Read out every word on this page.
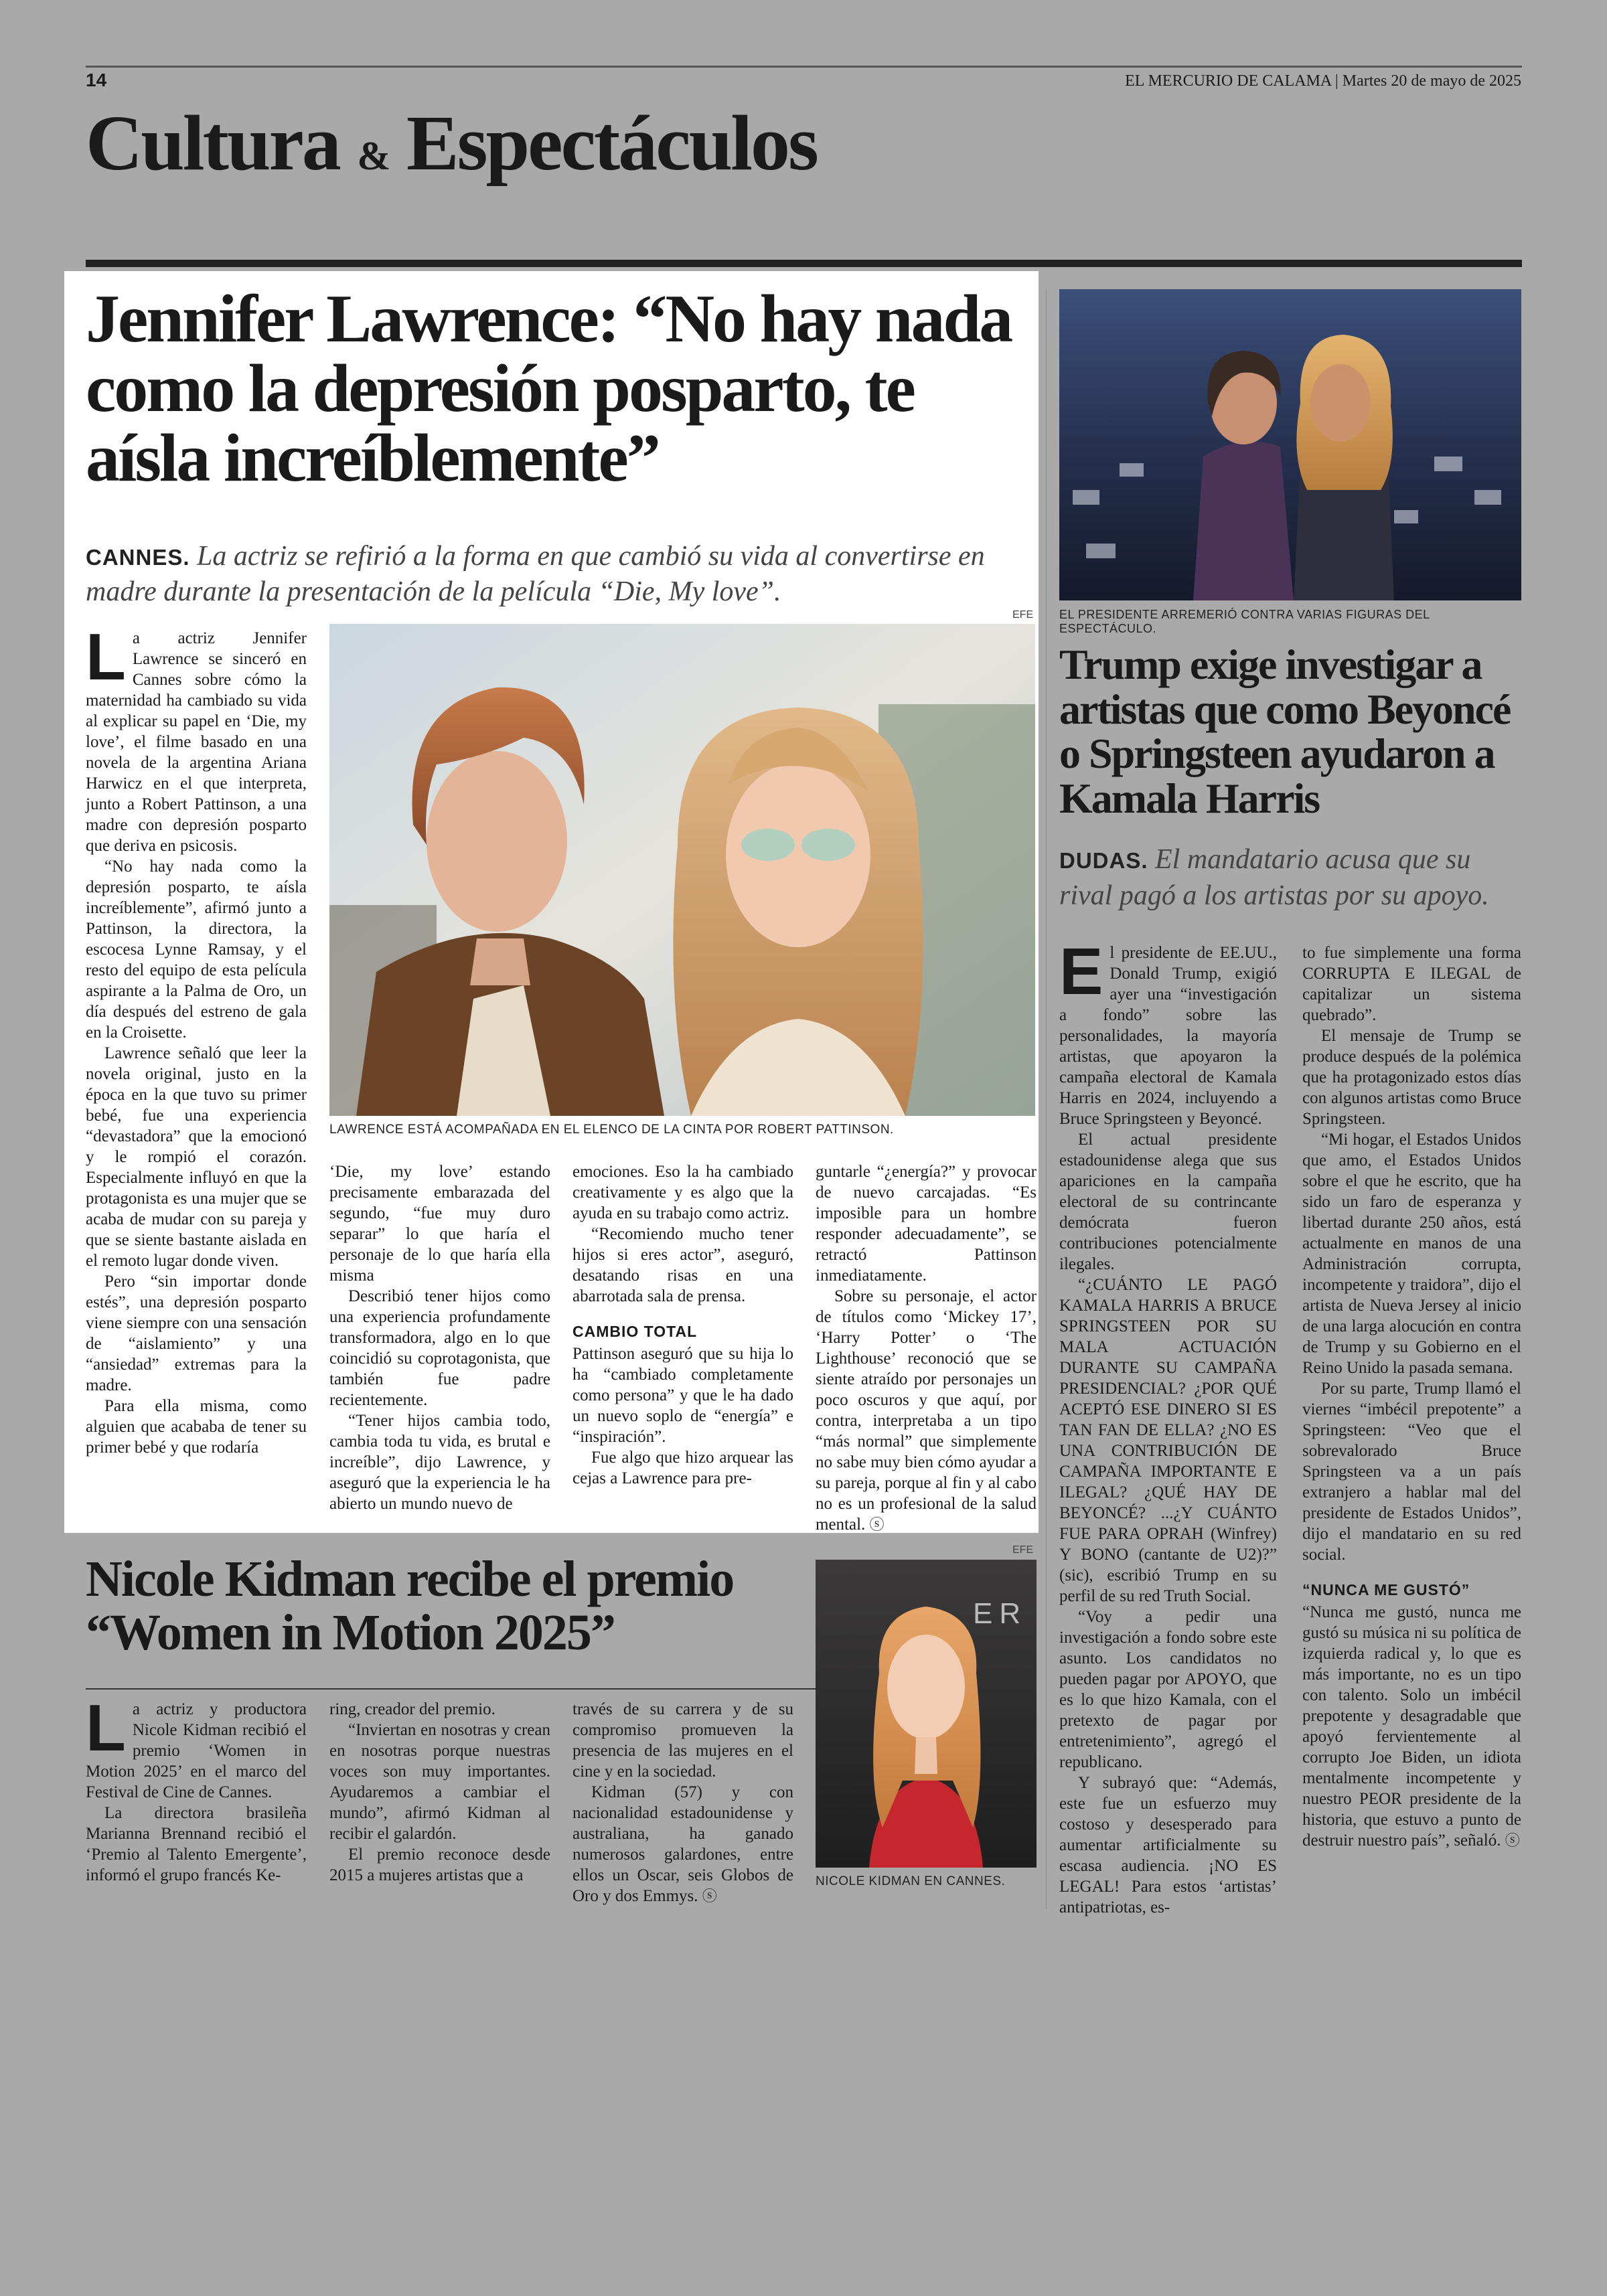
14	EL MERCURIO DE CALAMA | Martes 20 de mayo de 2025
Cultura & Espectáculos
Jennifer Lawrence: “No hay nada como la depresión posparto, te aísla increíblemente”
CANNES. La actriz se refirió a la forma en que cambió su vida al convertirse en madre durante la presentación de la película “Die, My love”.
EFE
LAWRENCE ESTÁ ACOMPAÑADA EN EL ELENCO DE LA CINTA POR ROBERT PATTINSON.

La actriz Jennifer Lawrence se sinceró en Cannes sobre cómo la maternidad ha cambiado su vida al explicar su papel en ‘Die, my love’, el filme basado en una novela de la argentina Ariana Harwicz en el que interpreta, junto a Robert Pattinson, a una madre con depresión posparto que deriva en psicosis.

“No hay nada como la depresión posparto, te aísla increíblemente”, afirmó junto a Pattinson, la directora, la escocesa Lynne Ramsay, y el resto del equipo de esta película aspirante a la Palma de Oro, un día después del estreno de gala en la Croisette.

Lawrence señaló que leer la novela original, justo en la época en la que tuvo su primer bebé, fue una experiencia “devastadora” que la emocionó y le rompió el corazón. Especialmente influyó en que la protagonista es una mujer que se acaba de mudar con su pareja y que se siente bastante aislada en el remoto lugar donde viven.

Pero “sin importar donde estés”, una depresión posparto viene siempre con una sensación de “aislamiento” y una “ansiedad” extremas para la madre.

Para ella misma, como alguien que acababa de tener su primer bebé y que rodaría

‘Die, my love’ estando precisamente embarazada del segundo, “fue muy duro separar” lo que haría el personaje de lo que haría ella misma

Describió tener hijos como una experiencia profundamente transformadora, algo en lo que coincidió su coprotagonista, que también fue padre recientemente.

“Tener hijos cambia todo, cambia toda tu vida, es brutal e increíble”, dijo Lawrence, y aseguró que la experiencia le ha abierto un mundo nuevo de

emociones. Eso la ha cambiado creativamente y es algo que la ayuda en su trabajo como actriz.

“Recomiendo mucho tener hijos si eres actor”, aseguró, desatando risas en una abarrotada sala de prensa.

CAMBIO TOTAL

Pattinson aseguró que su hija lo ha “cambiado completamente como persona” y que le ha dado un nuevo soplo de “energía” e “inspiración”.

Fue algo que hizo arquear las cejas a Lawrence para pre-

guntarle “¿energía?” y provocar de nuevo carcajadas. “Es imposible para un hombre responder adecuadamente”, se retractó Pattinson inmediatamente.

Sobre su personaje, el actor de títulos como ‘Mickey 17’, ‘Harry Potter’ o ‘The Lighthouse’ reconoció que se siente atraído por personajes un poco oscuros y que aquí, por contra, interpretaba a un tipo “más normal” que simplemente no sabe muy bien cómo ayudar a su pareja, porque al fin y al cabo no es un profesional de la salud mental. ⓢ

Nicole Kidman recibe el premio “Women in Motion 2025”
EFE
ER
NICOLE KIDMAN EN CANNES.

La actriz y productora Nicole Kidman recibió el premio ‘Women in Motion 2025’ en el marco del Festival de Cine de Cannes.

La directora brasileña Marianna Brennand recibió el ‘Premio al Talento Emergente’, informó el grupo francés Ke-

ring, creador del premio.

“Inviertan en nosotras y crean en nosotras porque nuestras voces son muy importantes. Ayudaremos a cambiar el mundo”, afirmó Kidman al recibir el galardón.

El premio reconoce desde 2015 a mujeres artistas que a

través de su carrera y de su compromiso promueven la presencia de las mujeres en el cine y en la sociedad.

Kidman (57) y con nacionalidad estadounidense y australiana, ha ganado numerosos galardones, entre ellos un Oscar, seis Globos de Oro y dos Emmys. ⓢ

EL PRESIDENTE ARREMERIÓ CONTRA VARIAS FIGURAS DEL ESPECTÁCULO.
Trump exige investigar a artistas que como Beyoncé o Springsteen ayudaron a Kamala Harris
DUDAS. El mandatario acusa que su rival pagó a los artistas por su apoyo.

El presidente de EE.UU., Donald Trump, exigió ayer una “investigación a fondo” sobre las personalidades, la mayoría artistas, que apoyaron la campaña electoral de Kamala Harris en 2024, incluyendo a Bruce Springsteen y Beyoncé.

El actual presidente estadounidense alega que sus apariciones en la campaña electoral de su contrincante demócrata fueron contribuciones potencialmente ilegales.

“¿CUÁNTO LE PAGÓ KAMALA HARRIS A BRUCE SPRINGSTEEN POR SU MALA ACTUACIÓN DURANTE SU CAMPAÑA PRESIDENCIAL? ¿POR QUÉ ACEPTÓ ESE DINERO SI ES TAN FAN DE ELLA? ¿NO ES UNA CONTRIBUCIÓN DE CAMPAÑA IMPORTANTE E ILEGAL? ¿QUÉ HAY DE BEYONCÉ? ...¿Y CUÁNTO FUE PARA OPRAH (Winfrey) Y BONO (cantante de U2)?” (sic), escribió Trump en su perfil de su red Truth Social.

“Voy a pedir una investigación a fondo sobre este asunto. Los candidatos no pueden pagar por APOYO, que es lo que hizo Kamala, con el pretexto de pagar por entretenimiento”, agregó el republicano.

Y subrayó que: “Además, este fue un esfuerzo muy costoso y desesperado para aumentar artificialmente su escasa audiencia. ¡NO ES LEGAL! Para estos ‘artistas’ antipatriotas, es-

to fue simplemente una forma CORRUPTA E ILEGAL de capitalizar un sistema quebrado”.

El mensaje de Trump se produce después de la polémica que ha protagonizado estos días con algunos artistas como Bruce Springsteen.

“Mi hogar, el Estados Unidos que amo, el Estados Unidos sobre el que he escrito, que ha sido un faro de esperanza y libertad durante 250 años, está actualmente en manos de una Administración corrupta, incompetente y traidora”, dijo el artista de Nueva Jersey al inicio de una larga alocución en contra de Trump y su Gobierno en el Reino Unido la pasada semana.

Por su parte, Trump llamó el viernes “imbécil prepotente” a Springsteen: “Veo que el sobrevalorado Bruce Springsteen va a un país extranjero a hablar mal del presidente de Estados Unidos”, dijo el mandatario en su red social.

“NUNCA ME GUSTÓ”

“Nunca me gustó, nunca me gustó su música ni su política de izquierda radical y, lo que es más importante, no es un tipo con talento. Solo un imbécil prepotente y desagradable que apoyó fervientemente al corrupto Joe Biden, un idiota mentalmente incompetente y nuestro PEOR presidente de la historia, que estuvo a punto de destruir nuestro país”, señaló. ⓢ
